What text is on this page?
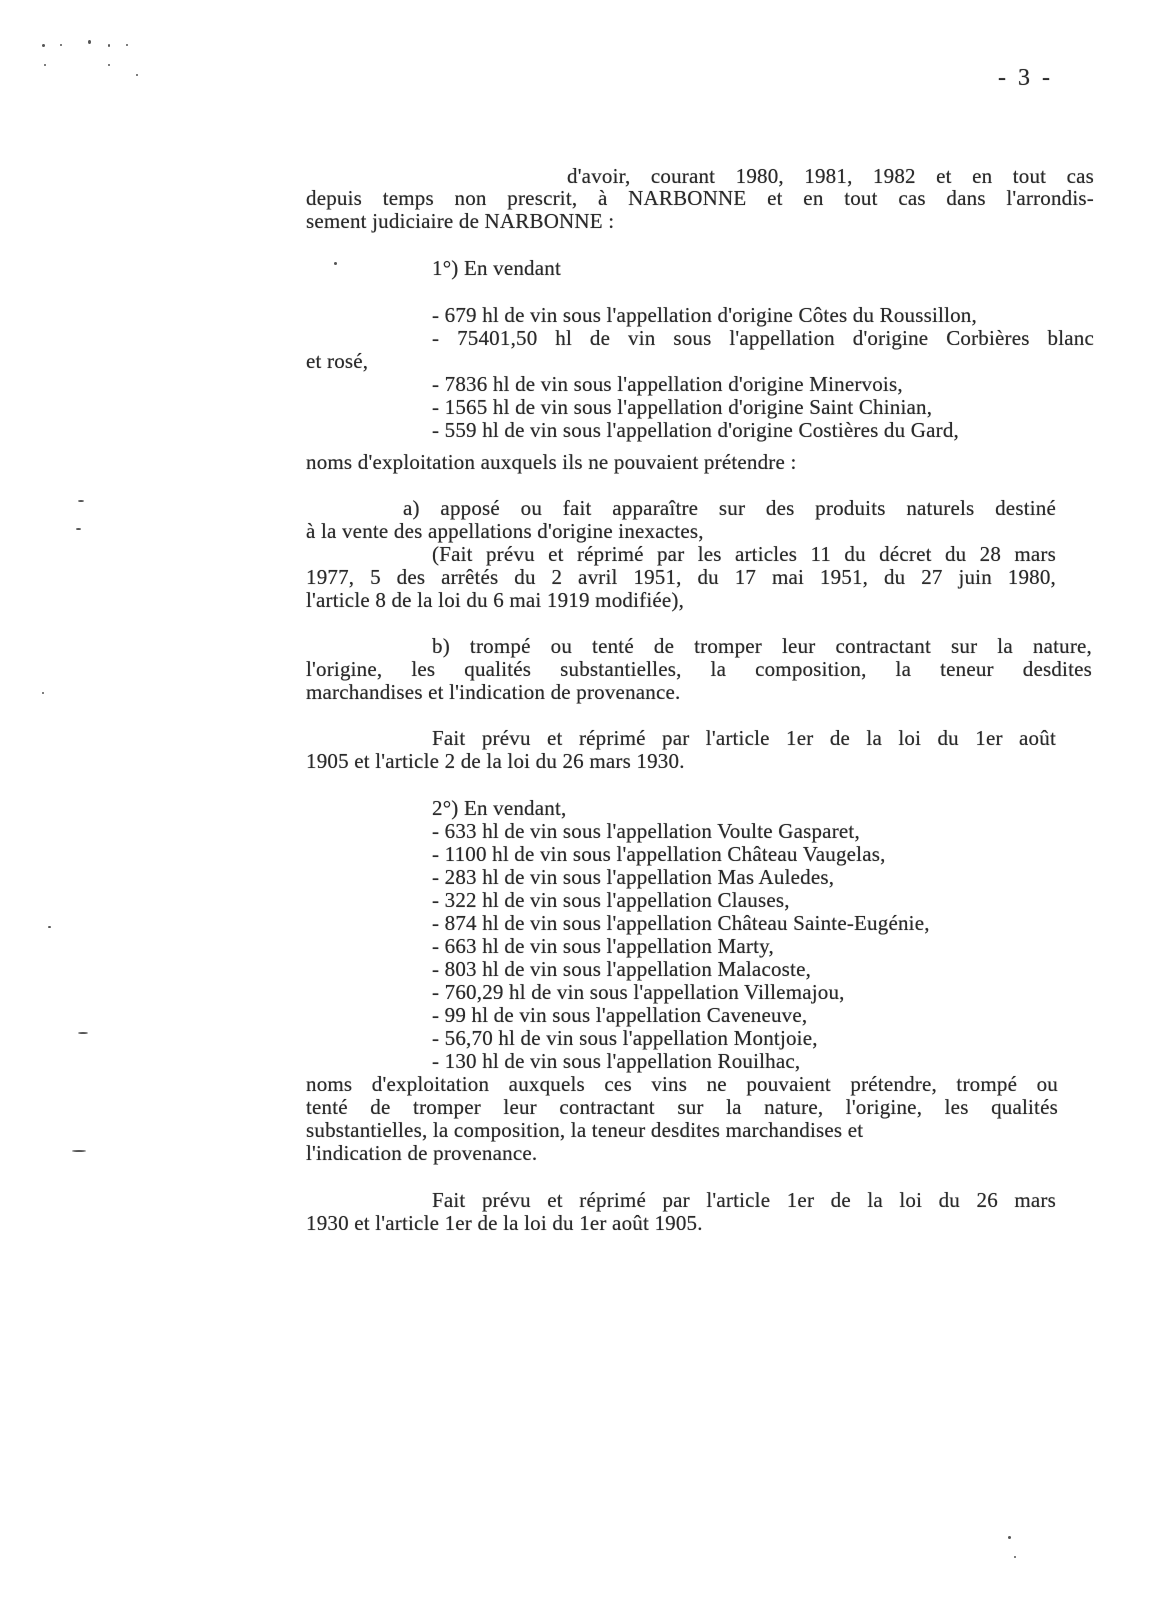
- 3 -
d'avoir, courant 1980, 1981, 1982 et en tout cas
depuis temps non prescrit, à NARBONNE et en tout cas dans l'arrondis-
sement judiciaire de NARBONNE :
1°) En vendant
- 679 hl de vin sous l'appellation d'origine Côtes du Roussillon,
- 75401,50 hl de vin sous l'appellation d'origine Corbières blanc
et rosé,
- 7836 hl de vin sous l'appellation d'origine Minervois,
- 1565 hl de vin sous l'appellation d'origine Saint Chinian,
- 559 hl de vin sous l'appellation d'origine Costières du Gard,
noms d'exploitation auxquels ils ne pouvaient prétendre :
a) apposé ou fait apparaître sur des produits naturels destiné
à la vente des appellations d'origine inexactes,
(Fait prévu et réprimé par les articles 11 du décret du 28 mars
1977, 5 des arrêtés du 2 avril 1951, du 17 mai 1951, du 27 juin 1980,
l'article 8 de la loi du 6 mai 1919 modifiée),
b) trompé ou tenté de tromper leur contractant sur la nature,
l'origine, les qualités substantielles, la composition, la teneur desdites
marchandises et l'indication de provenance.
Fait prévu et réprimé par l'article 1er de la loi du 1er août
1905 et l'article 2 de la loi du 26 mars 1930.
2°) En vendant,
- 633 hl de vin sous l'appellation Voulte Gasparet,
- 1100 hl de vin sous l'appellation Château Vaugelas,
- 283 hl de vin sous l'appellation Mas Auledes,
- 322 hl de vin sous l'appellation Clauses,
- 874 hl de vin sous l'appellation Château Sainte-Eugénie,
- 663 hl de vin sous l'appellation Marty,
- 803 hl de vin sous l'appellation Malacoste,
- 760,29 hl de vin sous l'appellation Villemajou,
- 99 hl de vin sous l'appellation Caveneuve,
- 56,70 hl de vin sous l'appellation Montjoie,
- 130 hl de vin sous l'appellation Rouilhac,
noms d'exploitation auxquels ces vins ne pouvaient prétendre, trompé ou
tenté de tromper leur contractant sur la nature, l'origine, les qualités
substantielles, la composition, la teneur desdites marchandises et
l'indication de provenance.
Fait prévu et réprimé par l'article 1er de la loi du 26 mars
1930 et l'article 1er de la loi du 1er août 1905.
